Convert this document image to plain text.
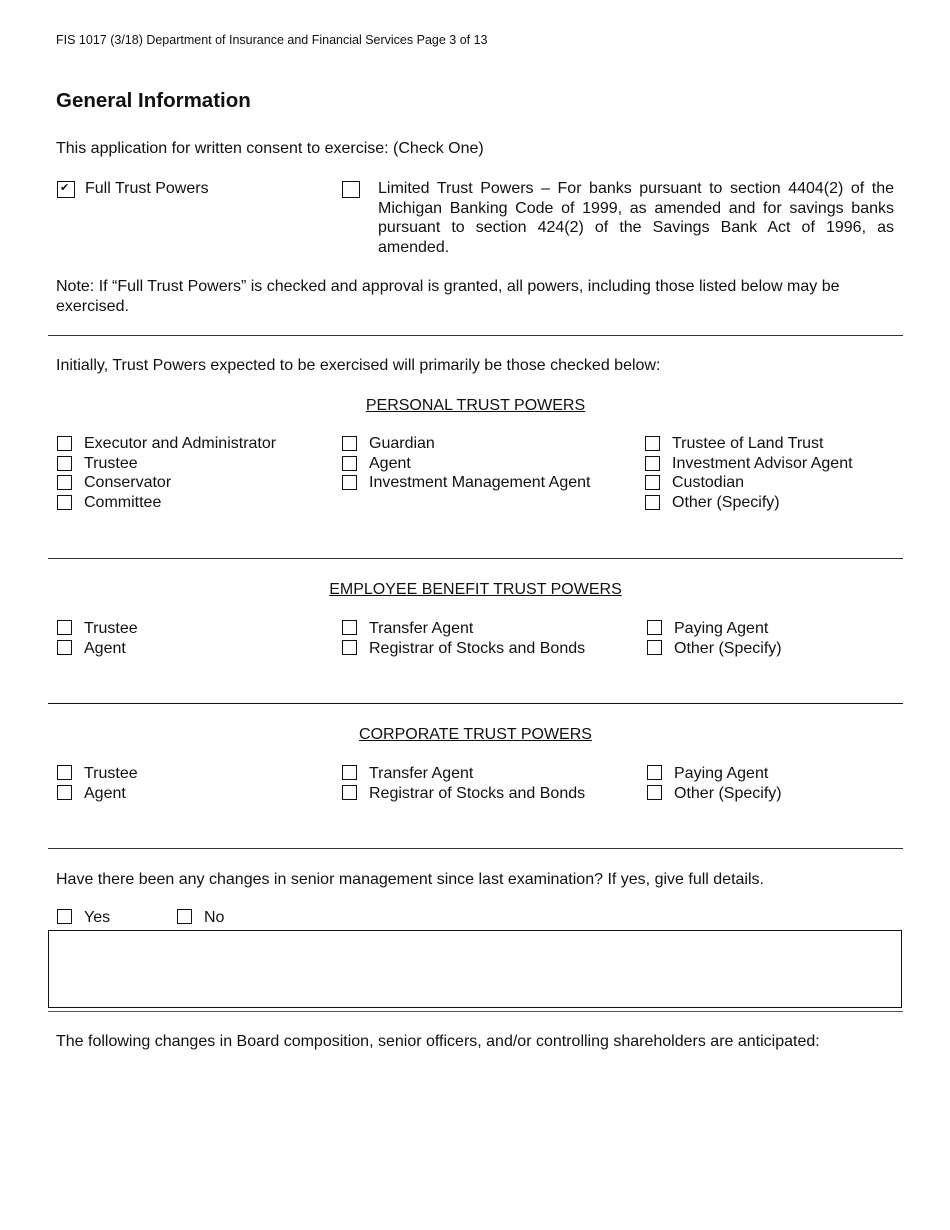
FIS 1017 (3/18) Department of Insurance and Financial Services Page 3 of 13
General Information
This application for written consent to exercise: (Check One)
✔ Full Trust Powers	Limited Trust Powers – For banks pursuant to section 4404(2) of the Michigan Banking Code of 1999, as amended and for savings banks pursuant to section 424(2) of the Savings Bank Act of 1996, as amended.
Note: If “Full Trust Powers” is checked and approval is granted, all powers, including those listed below may be exercised.
Initially, Trust Powers expected to be exercised will primarily be those checked below:
PERSONAL TRUST POWERS
Executor and Administrator
Trustee
Conservator
Committee
Guardian
Agent
Investment Management Agent
Trustee of Land Trust
Investment Advisor Agent
Custodian
Other (Specify)
EMPLOYEE BENEFIT TRUST POWERS
Trustee
Agent
Transfer Agent
Registrar of Stocks and Bonds
Paying Agent
Other (Specify)
CORPORATE TRUST POWERS
Trustee
Agent
Transfer Agent
Registrar of Stocks and Bonds
Paying Agent
Other (Specify)
Have there been any changes in senior management since last examination? If yes, give full details.
Yes	No
The following changes in Board composition, senior officers, and/or controlling shareholders are anticipated:
